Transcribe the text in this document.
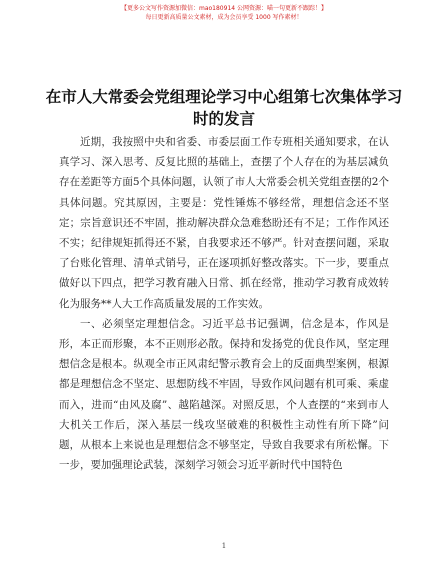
【更多公文写作资源加微信：mao180914 公网资源：喵一句更新不跟踪！】
每日更新高质量公文素材，成为会员享受 1000 写作素材！
在市人大常委会党组理论学习中心组第七次集体学习时的发言

近期，我按照中央和省委、市委层面工作专班相关通知要求，在认真学习、深入思考、反复比照的基础上，查摆了个人存在的为基层减负存在差距等方面5个具体问题，认领了市人大常委会机关党组查摆的2个具体问题。究其原因，主要是：党性锤炼不够经常，理想信念还不坚定；宗旨意识还不牢固，推动解决群众急难愁盼还有不足；工作作风还不实；纪律规矩抓得还不紧，自我要求还不够严。针对查摆问题，采取了台账化管理、清单式销号，正在逐项抓好整改落实。下一步，要重点做好以下四点，把学习教育融入日常、抓在经常，推动学习教育成效转化为服务**人大工作高质量发展的工作实效。

一、必须坚定理想信念。习近平总书记强调，信念是本，作风是形，本正而形聚，本不正则形必散。保持和发扬党的优良作风，坚定理想信念是根本。纵观全市正风肃纪警示教育会上的反面典型案例，根源都是理想信念不坚定、思想防线不牢固，导致作风问题有机可乘、乘虚而入，进而“由风及腐”、越陷越深。对照反思，个人查摆的“来到市人大机关工作后，深入基层一线攻坚破难的积极性主动性有所下降”问题，从根本上来说也是理想信念不够坚定，导致自我要求有所松懈。下一步，要加强理论武装，深刻学习领会习近平新时代中国特色

1
